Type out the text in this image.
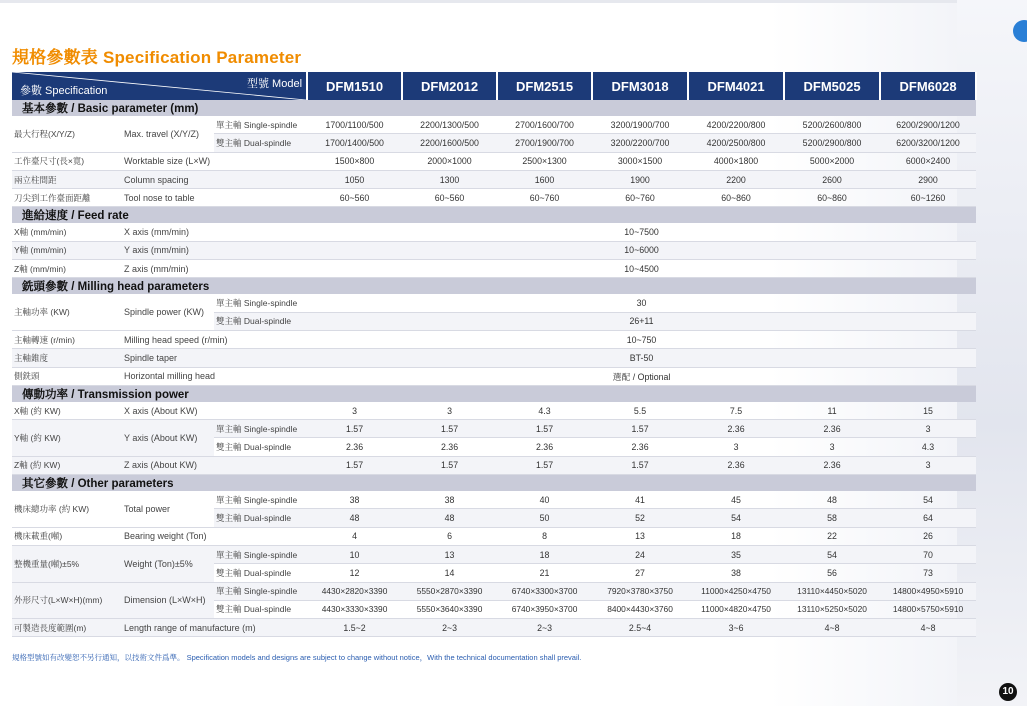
規格參數表 Specification Parameter
型號 Model
參數 Specification			DFM1510	DFM2012	DFM2515	DFM3018	DFM4021	DFM5025	DFM6028
基本參數 / Basic parameter (mm)									
最大行程(X/Y/Z)	Max. travel (X/Y/Z)	單主軸 Single-spindle	1700/1100/500	2200/1300/500	2700/1600/700	3200/1900/700	4200/2200/800	5200/2600/800	6200/2900/1200
		雙主軸 Dual-spindle	1700/1400/500	2200/1600/500	2700/1900/700	3200/2200/700	4200/2500/800	5200/2900/800	6200/3200/1200
工作臺尺寸(長×寬)	Worktable size (L×W)		1500×800	2000×1000	2500×1300	3000×1500	4000×1800	5000×2000	6000×2400
兩立柱間距	Column spacing		1050	1300	1600	1900	2200	2600	2900
刀尖到工作臺面距離	Tool nose to table		60~560	60~560	60~760	60~760	60~860	60~860	60~1260
進給速度 / Feed rate									
X軸 (mm/min)	X axis (mm/min)		10~7500						
Y軸 (mm/min)	Y axis (mm/min)		10~6000						
Z軸 (mm/min)	Z axis (mm/min)		10~4500						
銑頭參數 / Milling head parameters									
主軸功率 (KW)	Spindle power (KW)	單主軸 Single-spindle	30						
		雙主軸 Dual-spindle	26+11						
主軸轉速 (r/min)	Milling head speed (r/min)		10~750						
主軸錐度	Spindle taper		BT-50						
側銑頭	Horizontal milling head		選配 / Optional						
傳動功率 / Transmission power									
X軸 (約 KW)	X axis (About KW)		3	3	4.3	5.5	7.5	11	15
Y軸 (約 KW)	Y axis (About KW)	單主軸 Single-spindle	1.57	1.57	1.57	1.57	2.36	2.36	3
		雙主軸 Dual-spindle	2.36	2.36	2.36	2.36	3	3	4.3
Z軸 (約 KW)	Z axis (About KW)		1.57	1.57	1.57	1.57	2.36	2.36	3
其它參數 / Other parameters									
機床總功率 (約 KW)	Total power	單主軸 Single-spindle	38	38	40	41	45	48	54
		雙主軸 Dual-spindle	48	48	50	52	54	58	64
機床載重(噸)	Bearing weight (Ton)		4	6	8	13	18	22	26
整機重量(噸)±5%	Weight (Ton)±5%	單主軸 Single-spindle	10	13	18	24	35	54	70
		雙主軸 Dual-spindle	12	14	21	27	38	56	73
外形尺寸(L×W×H)(mm)	Dimension (L×W×H)	單主軸 Single-spindle	4430×2820×3390	5550×2870×3390	6740×3300×3700	7920×3780×3750	11000×4250×4750	13110×4450×5020	14800×4950×5910
		雙主軸 Dual-spindle	4430×3330×3390	5550×3640×3390	6740×3950×3700	8400×4430×3760	11000×4820×4750	13110×5250×5020	14800×5750×5910
可製造長度範圍(m)	Length range of manufacture (m)		1.5~2	2~3	2~3	2.5~4	3~6	4~8	4~8
規格型號如有改變恕不另行通知，以技術文件爲準。 Specification models and designs are subject to change without notice，With the technical documentation shall prevail.
10
